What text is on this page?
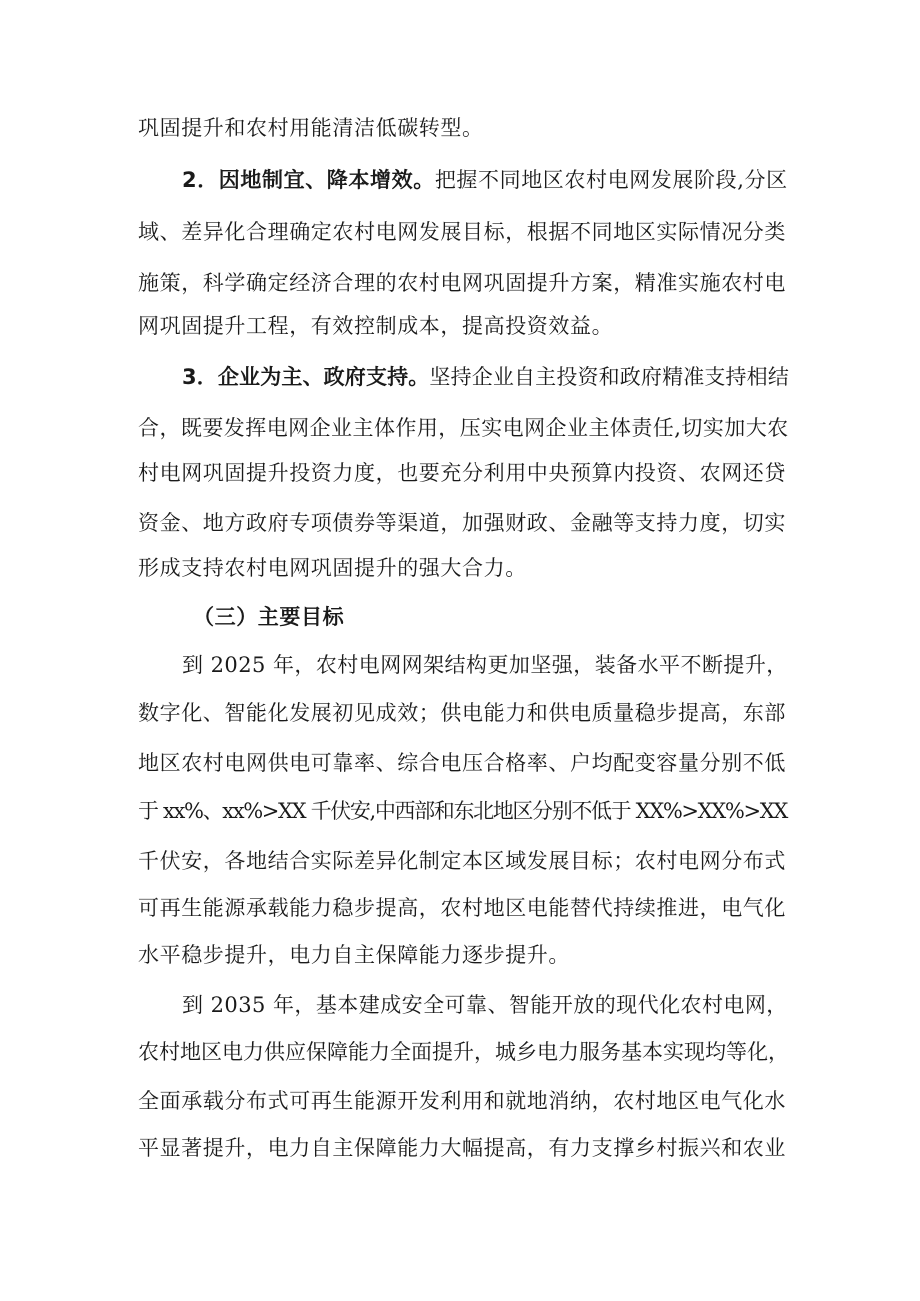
巩固提升和农村用能清洁低碳转型。
2．因地制宜、降本增效。把握不同地区农村电网发展阶段,分区
域、差异化合理确定农村电网发展目标，根据不同地区实际情况分类
施策，科学确定经济合理的农村电网巩固提升方案，精准实施农村电
网巩固提升工程，有效控制成本，提高投资效益。
3．企业为主、政府支持。坚持企业自主投资和政府精准支持相结
合，既要发挥电网企业主体作用，压实电网企业主体责任,切实加大农
村电网巩固提升投资力度，也要充分利用中央预算内投资、农网还贷
资金、地方政府专项债券等渠道，加强财政、金融等支持力度，切实
形成支持农村电网巩固提升的强大合力。
（三）主要目标
到 2025 年，农村电网网架结构更加坚强，装备水平不断提升，
数字化、智能化发展初见成效；供电能力和供电质量稳步提高，东部
地区农村电网供电可靠率、综合电压合格率、户均配变容量分别不低
于 xx%、xx%>XX 千伏安,中西部和东北地区分别不低于 XX%>XX%>XX
千伏安，各地结合实际差异化制定本区域发展目标；农村电网分布式
可再生能源承载能力稳步提高，农村地区电能替代持续推进，电气化
水平稳步提升，电力自主保障能力逐步提升。
到 2035 年，基本建成安全可靠、智能开放的现代化农村电网，
农村地区电力供应保障能力全面提升，城乡电力服务基本实现均等化，
全面承载分布式可再生能源开发利用和就地消纳，农村地区电气化水
平显著提升，电力自主保障能力大幅提高，有力支撑乡村振兴和农业
